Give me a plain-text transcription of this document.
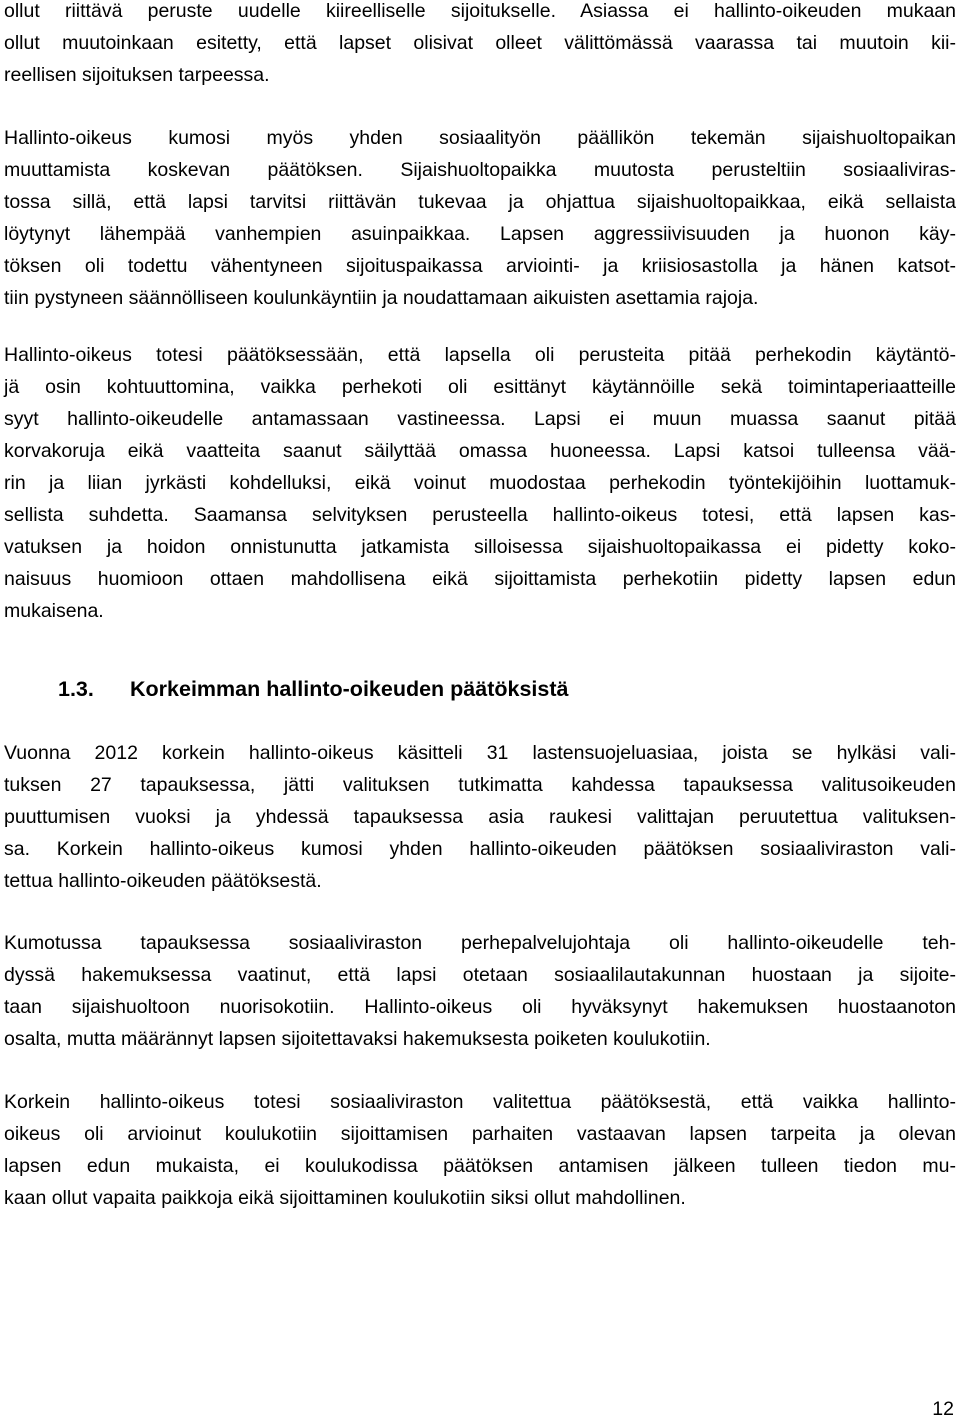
ollut riittävä peruste uudelle kiireelliselle sijoitukselle. Asiassa ei hallinto-oikeuden mukaan
ollut muutoinkaan esitetty, että lapset olisivat olleet välittömässä vaarassa tai muutoin kii-
reellisen sijoituksen tarpeessa.
Hallinto-oikeus kumosi myös yhden sosiaalityön päällikön tekemän sijaishuoltopaikan
muuttamista koskevan päätöksen. Sijaishuoltopaikka muutosta perusteltiin sosiaaliviras-
tossa sillä, että lapsi tarvitsi riittävän tukevaa ja ohjattua sijaishuoltopaikkaa, eikä sellaista
löytynyt lähempää vanhempien asuinpaikkaa. Lapsen aggressiivisuuden ja huonon käy-
töksen oli todettu vähentyneen sijoituspaikassa arviointi- ja kriisiosastolla ja hänen katsot-
tiin pystyneen säännölliseen koulunkäyntiin ja noudattamaan aikuisten asettamia rajoja.
Hallinto-oikeus totesi päätöksessään, että lapsella oli perusteita pitää perhekodin käytäntö-
jä osin kohtuuttomina, vaikka perhekoti oli esittänyt käytännöille sekä toimintaperiaatteille
syyt hallinto-oikeudelle antamassaan vastineessa. Lapsi ei muun muassa saanut pitää
korvakoruja eikä vaatteita saanut säilyttää omassa huoneessa. Lapsi katsoi tulleensa vää-
rin ja liian jyrkästi kohdelluksi, eikä voinut muodostaa perhekodin työntekijöihin luottamuk-
sellista suhdetta. Saamansa selvityksen perusteella hallinto-oikeus totesi, että lapsen kas-
vatuksen ja hoidon onnistunutta jatkamista silloisessa sijaishuoltopaikassa ei pidetty koko-
naisuus huomioon ottaen mahdollisena eikä sijoittamista perhekotiin pidetty lapsen edun
mukaisena.
1.3. Korkeimman hallinto-oikeuden päätöksistä
Vuonna 2012 korkein hallinto-oikeus käsitteli 31 lastensuojeluasiaa, joista se hylkäsi vali-
tuksen 27 tapauksessa, jätti valituksen tutkimatta kahdessa tapauksessa valitusoikeuden
puuttumisen vuoksi ja yhdessä tapauksessa asia raukesi valittajan peruutettua valituksen-
sa. Korkein hallinto-oikeus kumosi yhden hallinto-oikeuden päätöksen sosiaaliviraston vali-
tettua hallinto-oikeuden päätöksestä.
Kumotussa tapauksessa sosiaaliviraston perhepalvelujohtaja oli hallinto-oikeudelle teh-
dyssä hakemuksessa vaatinut, että lapsi otetaan sosiaalilautakunnan huostaan ja sijoite-
taan sijaishuoltoon nuorisokotiin. Hallinto-oikeus oli hyväksynyt hakemuksen huostaanoton
osalta, mutta määrännyt lapsen sijoitettavaksi hakemuksesta poiketen koulukotiin.
Korkein hallinto-oikeus totesi sosiaaliviraston valitettua päätöksestä, että vaikka hallinto-
oikeus oli arvioinut koulukotiin sijoittamisen parhaiten vastaavan lapsen tarpeita ja olevan
lapsen edun mukaista, ei koulukodissa päätöksen antamisen jälkeen tulleen tiedon mu-
kaan ollut vapaita paikkoja eikä sijoittaminen koulukotiin siksi ollut mahdollinen.
12
